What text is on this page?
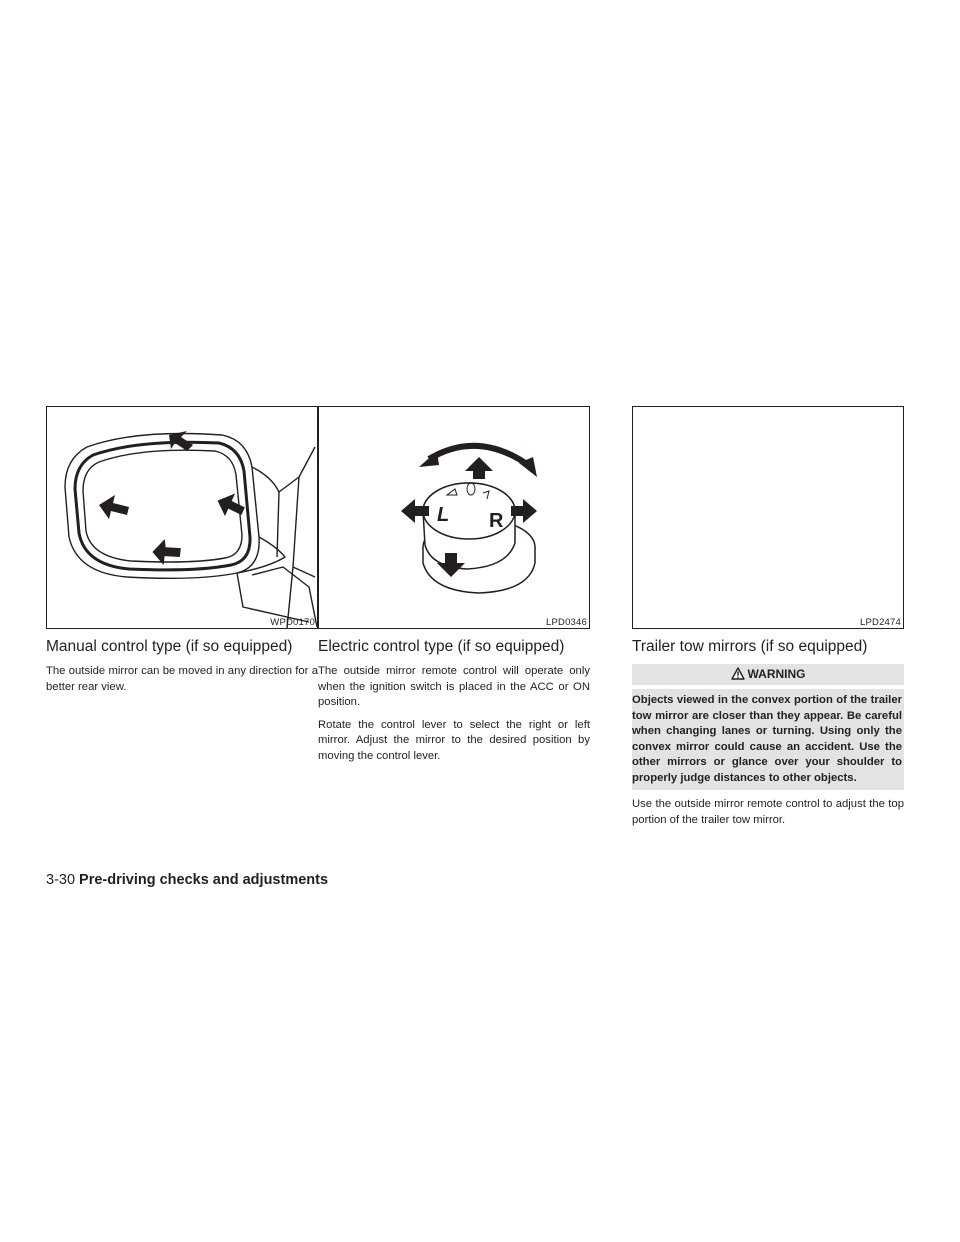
WPD0170
Manual control type (if so equipped)

The outside mirror can be moved in any direction for a better rear view.

L R
LPD0346
Electric control type (if so equipped)

The outside mirror remote control will operate only when the ignition switch is placed in the ACC or ON position.

Rotate the control lever to select the right or left mirror. Adjust the mirror to the desired position by moving the control lever.

LPD2474
Trailer tow mirrors (if so equipped)
WARNING
Objects viewed in the convex portion of the trailer tow mirror are closer than they appear. Be careful when changing lanes or turning. Using only the convex mirror could cause an accident. Use the other mirrors or glance over your shoulder to properly judge distances to other objects.

Use the outside mirror remote control to adjust the top portion of the trailer tow mirror.

3-30 Pre-driving checks and adjustments
